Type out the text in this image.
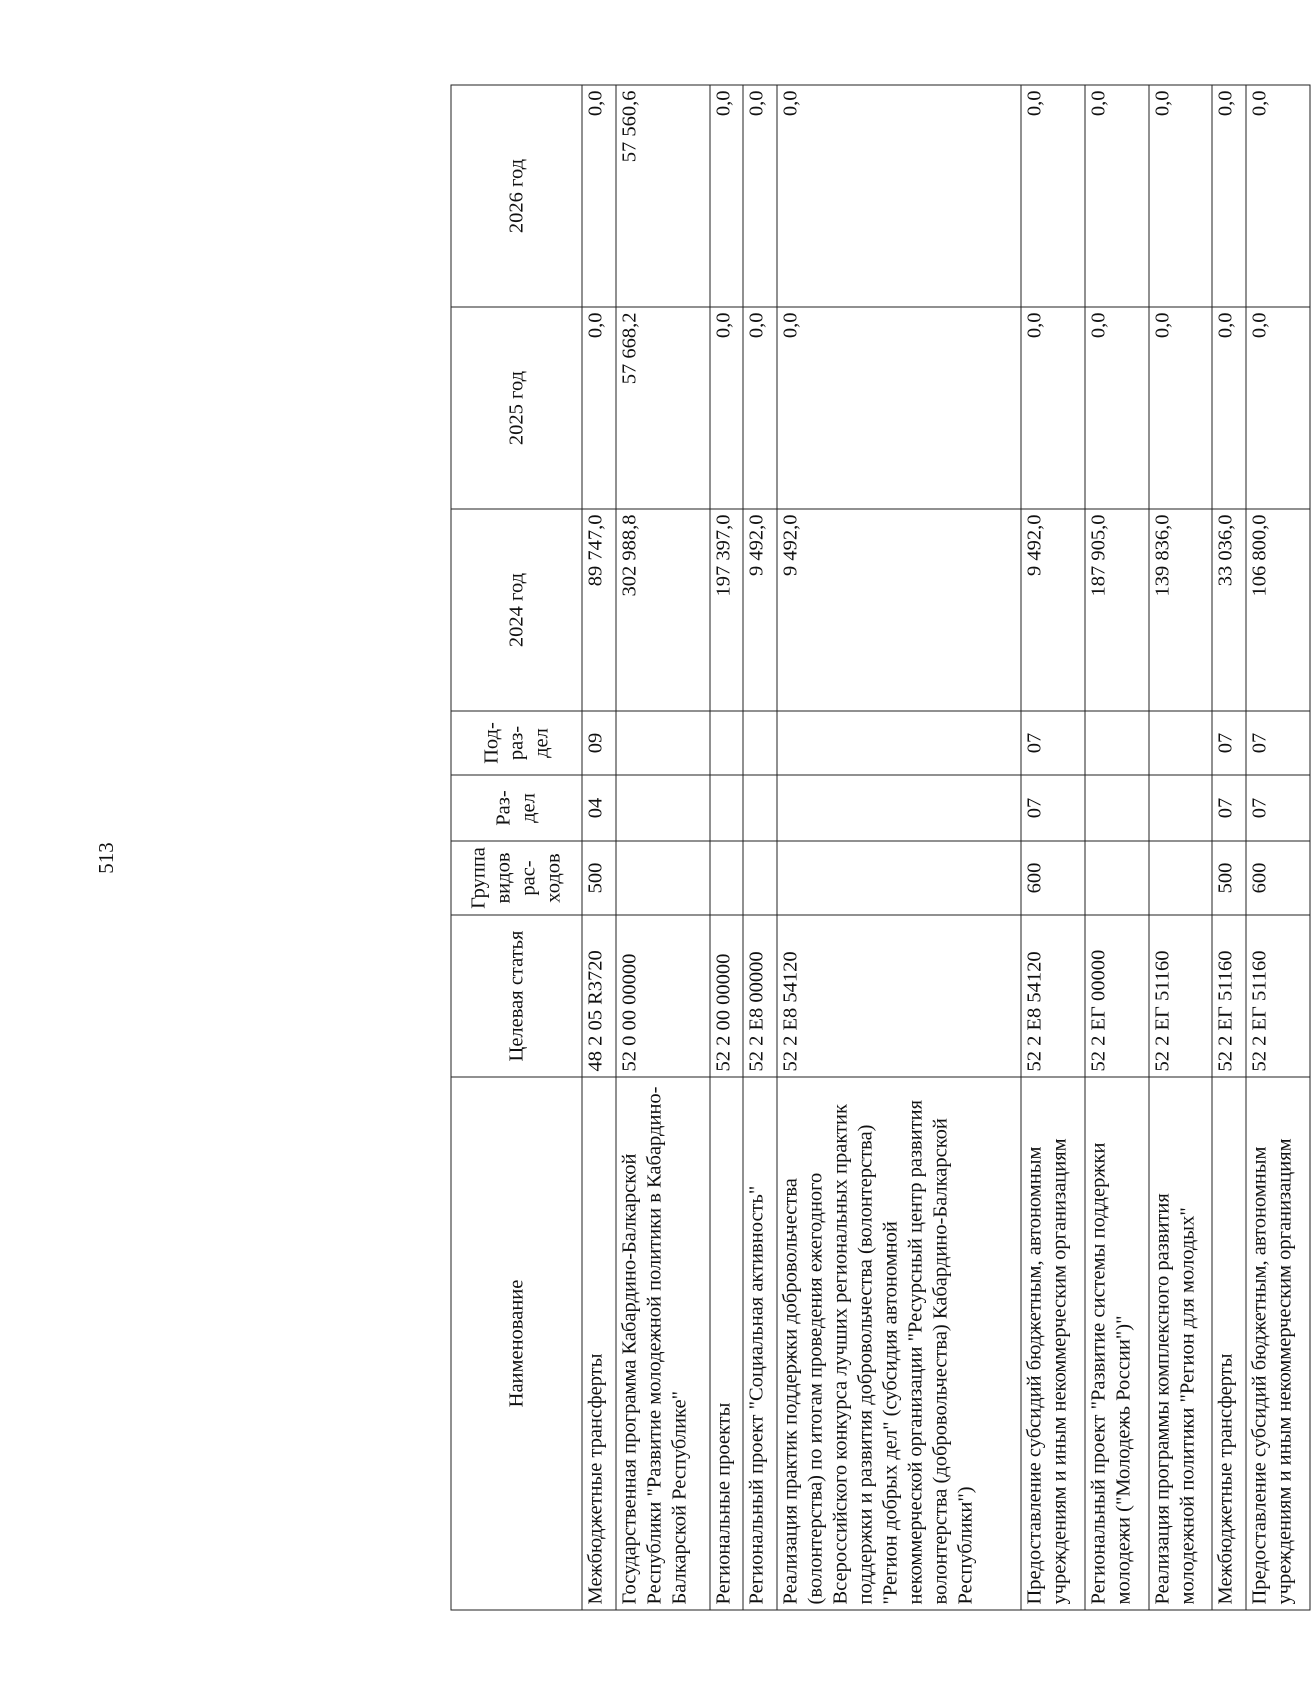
513
Наименование	Целевая статья	Группа видов рас- ходов	Раз- дел	Под- раз- дел	2024 год	2025 год	2026 год
Межбюджетные трансферты	48 2 05 R3720	500	04	09	89 747,0	0,0	0,0
Государственная программа Кабардино-Балкарской Республики "Развитие молодежной политики в Кабардино-Балкарской Республике"	52 0 00 00000				302 988,8	57 668,2	57 560,6
Региональные проекты	52 2 00 00000				197 397,0	0,0	0,0
Региональный проект "Социальная активность"	52 2 Е8 00000				9 492,0	0,0	0,0
Реализация практик поддержки добровольчества (волонтерства) по итогам проведения ежегодного Всероссийского конкурса лучших региональных практик поддержки и развития добровольчества (волонтерства) "Регион добрых дел" (субсидия автономной некоммерческой организации "Ресурсный центр развития волонтерства (добровольчества) Кабардино-Балкарской Республики")	52 2 Е8 54120				9 492,0	0,0	0,0
Предоставление субсидий бюджетным, автономным учреждениям и иным некоммерческим организациям	52 2 Е8 54120	600	07	07	9 492,0	0,0	0,0
Региональный проект "Развитие системы поддержки молодежи ("Молодежь России")"	52 2 ЕГ 00000				187 905,0	0,0	0,0
Реализация программы комплексного развития молодежной политики "Регион для молодых"	52 2 ЕГ 51160				139 836,0	0,0	0,0
Межбюджетные трансферты	52 2 ЕГ 51160	500	07	07	33 036,0	0,0	0,0
Предоставление субсидий бюджетным, автономным учреждениям и иным некоммерческим организациям	52 2 ЕГ 51160	600	07	07	106 800,0	0,0	0,0
